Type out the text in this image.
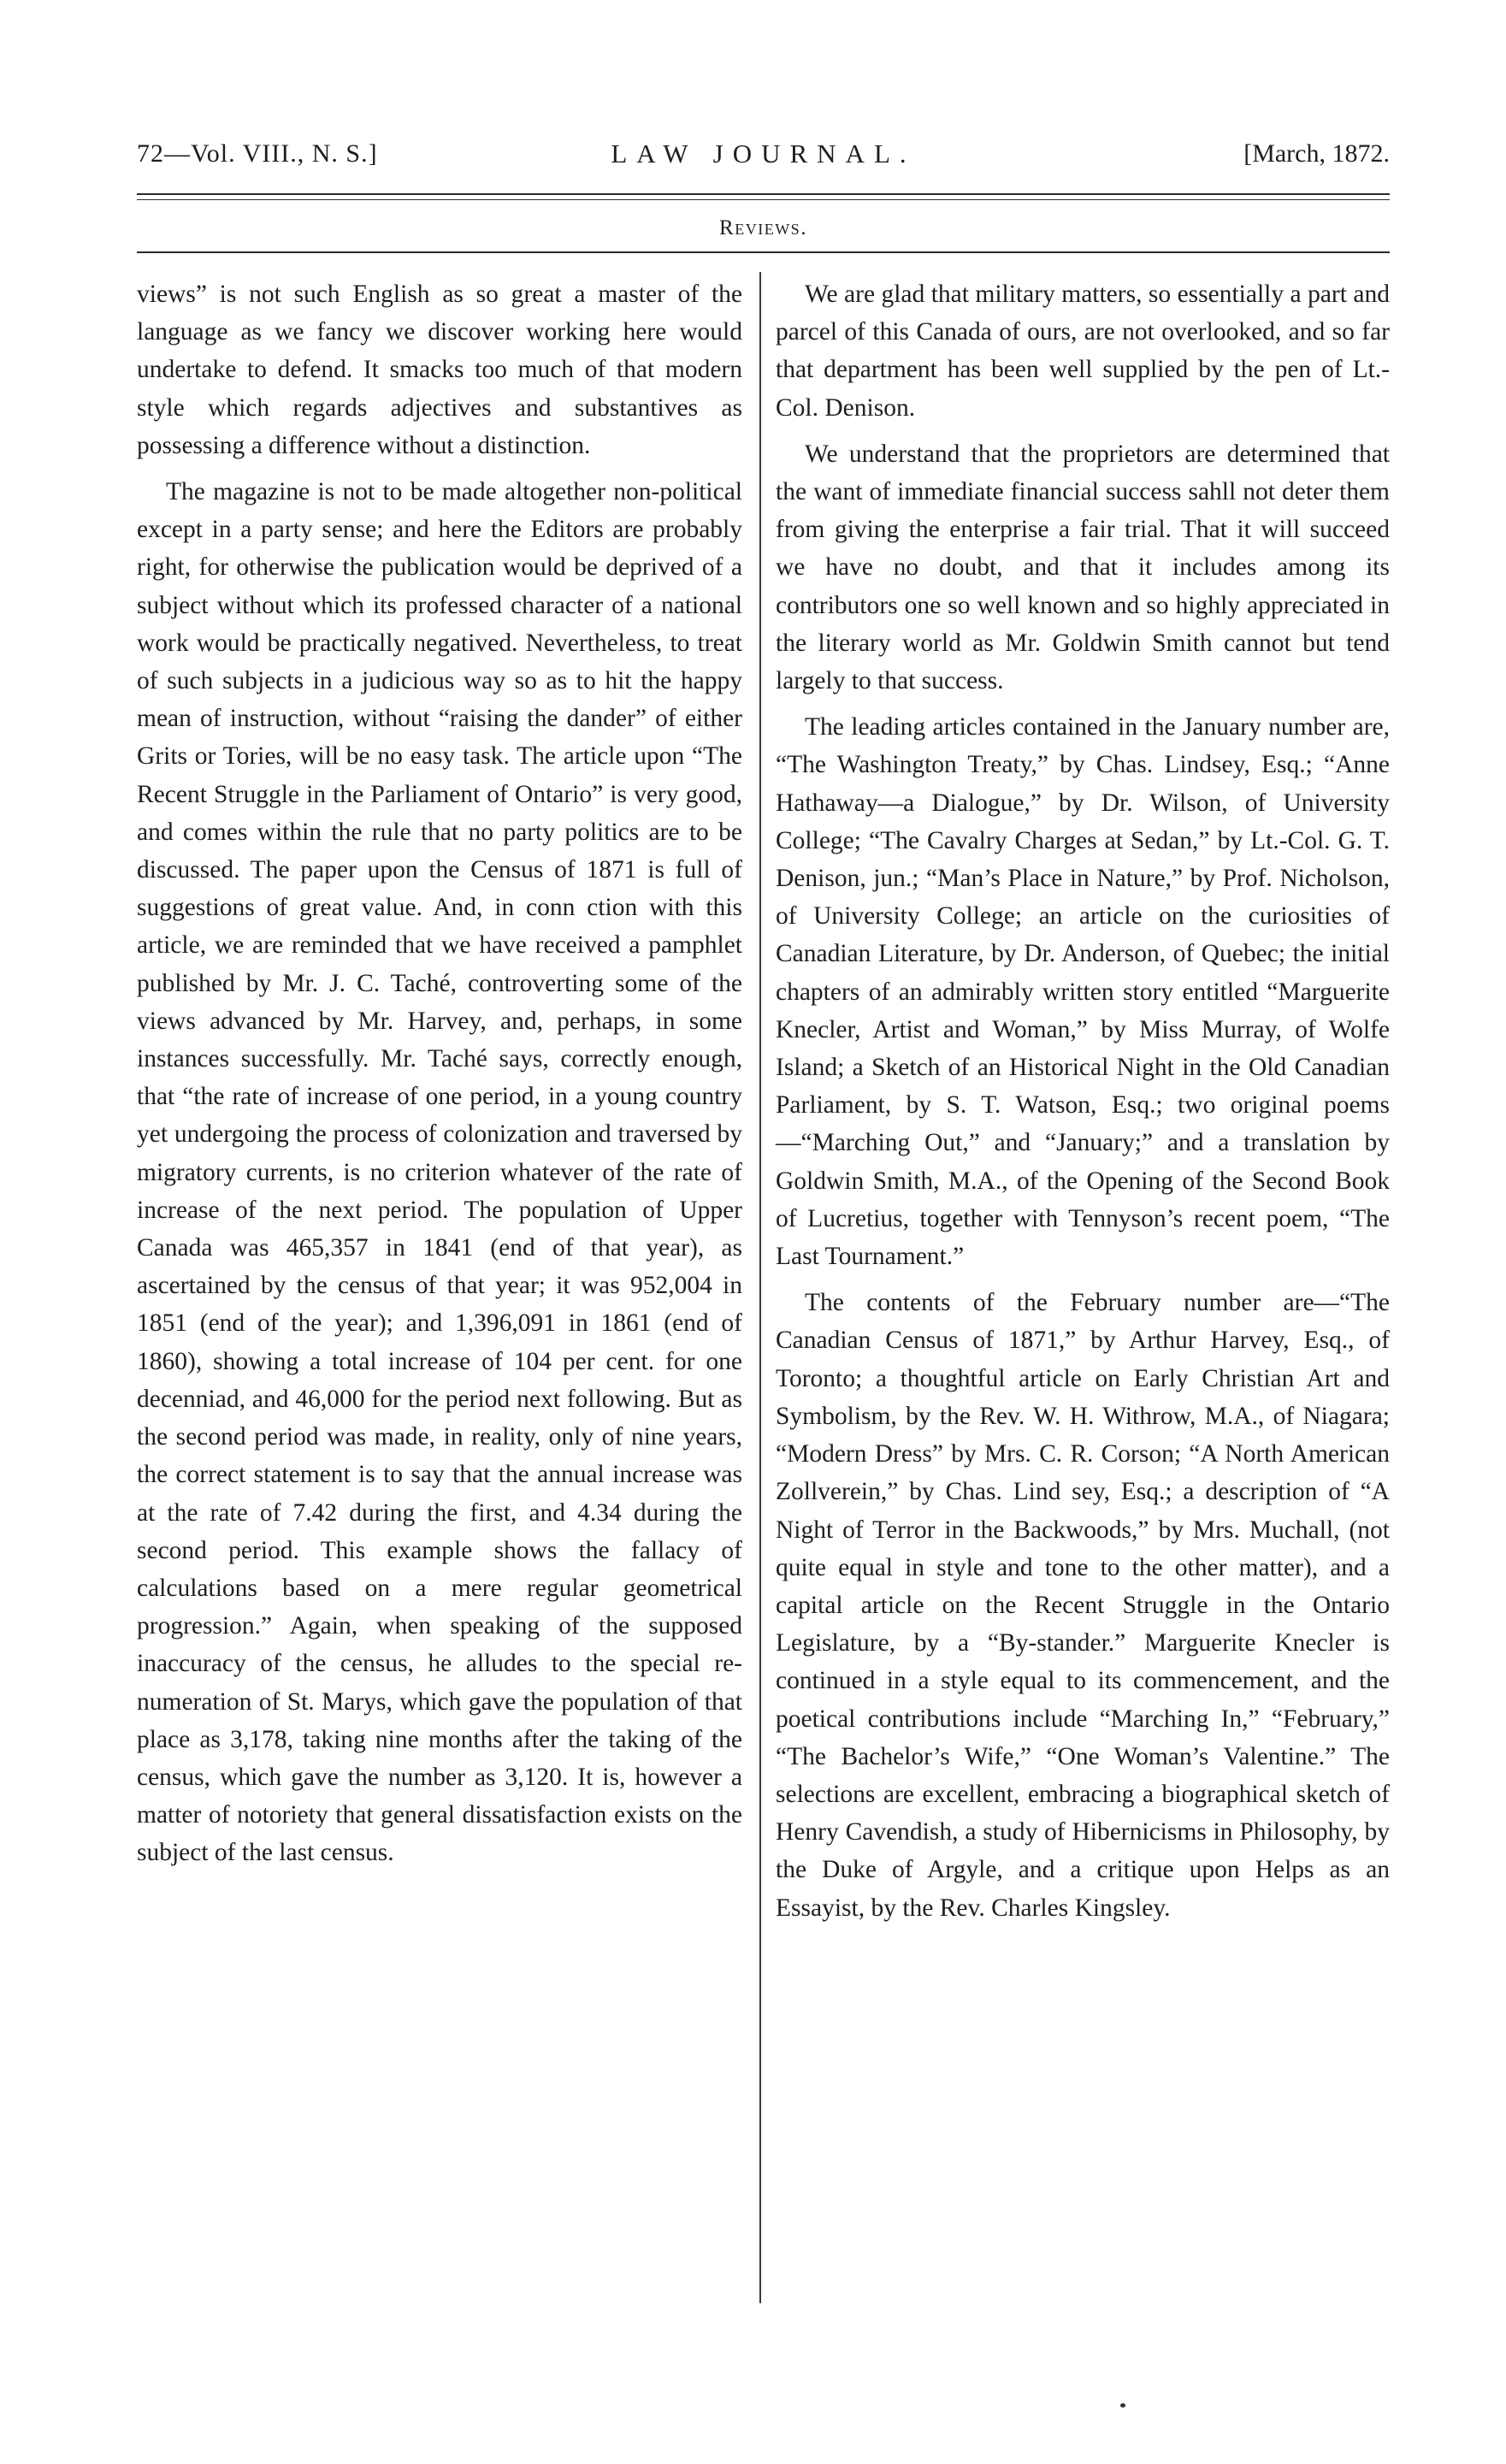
72—Vol. VIII., N. S.]	LAW JOURNAL.	[March, 1872.
Reviews.

views” is not such English as so great a master of the language as we fancy we discover working here would undertake to defend. It smacks too much of that modern style which regards adjectives and substantives as possessing a difference without a distinction.

The magazine is not to be made altogether non-political except in a party sense; and here the Editors are probably right, for otherwise the publication would be deprived of a subject without which its professed character of a national work would be practically negatived. Nevertheless, to treat of such subjects in a judicious way so as to hit the happy mean of instruction, without “raising the dander” of either Grits or Tories, will be no easy task. The article upon “The Recent Struggle in the Parliament of Ontario” is very good, and comes within the rule that no party politics are to be discussed. The paper upon the Census of 1871 is full of suggestions of great value. And, in conn ction with this article, we are reminded that we have received a pamphlet published by Mr. J. C. Taché, controverting some of the views advanced by Mr. Harvey, and, perhaps, in some instances successfully. Mr. Taché says, correctly enough, that “the rate of increase of one period, in a young country yet undergoing the process of colonization and traversed by migratory currents, is no criterion whatever of the rate of increase of the next period. The population of Upper Canada was 465,357 in 1841 (end of that year), as ascertained by the census of that year; it was 952,004 in 1851 (end of the year); and 1,396,091 in 1861 (end of 1860), showing a total increase of 104 per cent. for one decenniad, and 46,000 for the period next following. But as the second period was made, in reality, only of nine years, the correct statement is to say that the annual increase was at the rate of 7.42 during the first, and 4.34 during the second period. This example shows the fallacy of calculations based on a mere regular geometrical progression.” Again, when speaking of the supposed inaccuracy of the census, he alludes to the special re-numeration of St. Marys, which gave the population of that place as 3,178, taking nine months after the taking of the census, which gave the number as 3,120. It is, however a matter of notoriety that general dissatisfaction exists on the subject of the last census.

We are glad that military matters, so essentially a part and parcel of this Canada of ours, are not overlooked, and so far that department has been well supplied by the pen of Lt.-Col. Denison.

We understand that the proprietors are determined that the want of immediate financial success sahll not deter them from giving the enterprise a fair trial. That it will succeed we have no doubt, and that it includes among its contributors one so well known and so highly appreciated in the literary world as Mr. Goldwin Smith cannot but tend largely to that success.

The leading articles contained in the January number are, “The Washington Treaty,” by Chas. Lindsey, Esq.; “Anne Hathaway—a Dialogue,” by Dr. Wilson, of University College; “The Cavalry Charges at Sedan,” by Lt.-Col. G. T. Denison, jun.; “Man’s Place in Nature,” by Prof. Nicholson, of University College; an article on the curiosities of Canadian Literature, by Dr. Anderson, of Quebec; the initial chapters of an admirably written story entitled “Marguerite Knecler, Artist and Woman,” by Miss Murray, of Wolfe Island; a Sketch of an Historical Night in the Old Canadian Parliament, by S. T. Watson, Esq.; two original poems—“Marching Out,” and “January;” and a translation by Goldwin Smith, M.A., of the Opening of the Second Book of Lucretius, together with Tennyson’s recent poem, “The Last Tournament.”

The contents of the February number are—“The Canadian Census of 1871,” by Arthur Harvey, Esq., of Toronto; a thoughtful article on Early Christian Art and Symbolism, by the Rev. W. H. Withrow, M.A., of Niagara; “Modern Dress” by Mrs. C. R. Corson; “A North American Zollverein,” by Chas. Lind sey, Esq.; a description of “A Night of Terror in the Backwoods,” by Mrs. Muchall, (not quite equal in style and tone to the other matter), and a capital article on the Recent Struggle in the Ontario Legislature, by a “By-stander.” Marguerite Knecler is continued in a style equal to its commencement, and the poetical contributions include “Marching In,” “February,” “The Bachelor’s Wife,” “One Woman’s Valentine.” The selections are excellent, embracing a biographical sketch of Henry Cavendish, a study of Hibernicisms in Philosophy, by the Duke of Argyle, and a critique upon Helps as an Essayist, by the Rev. Charles Kingsley.
